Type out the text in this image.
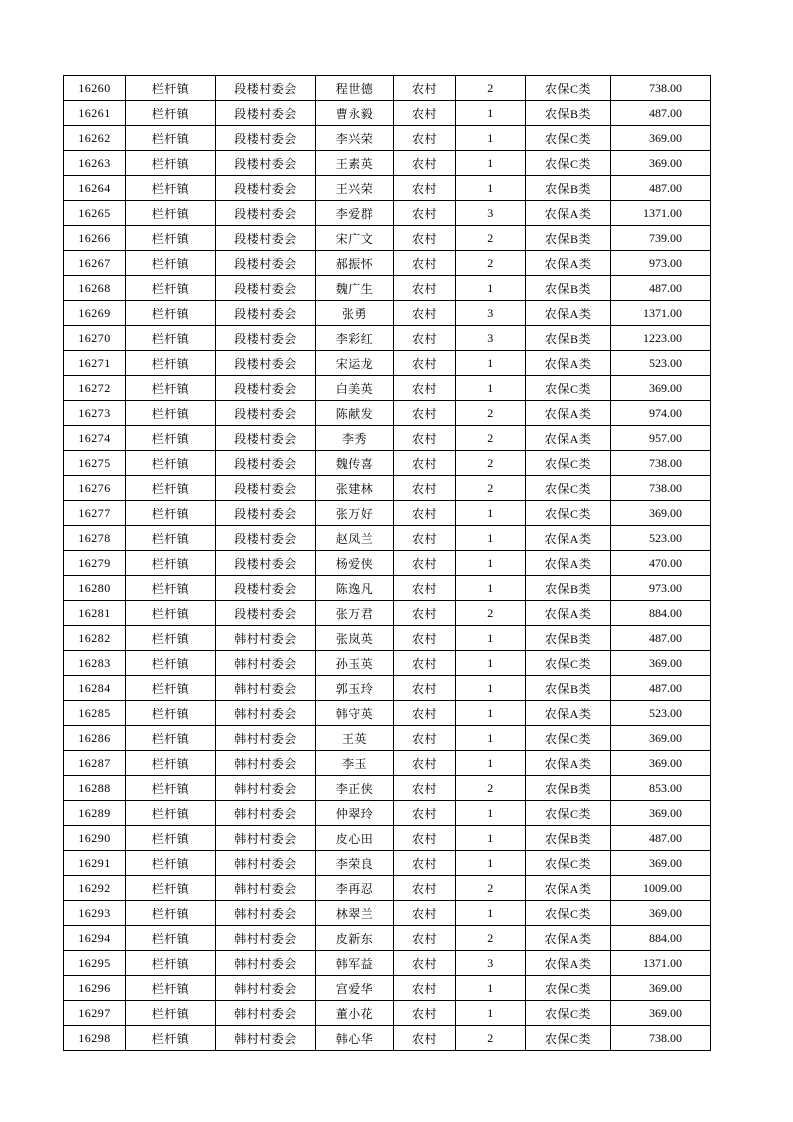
16260	栏杆镇	段楼村委会	程世德	农村	2	农保C类	738.00
16261	栏杆镇	段楼村委会	曹永毅	农村	1	农保B类	487.00
16262	栏杆镇	段楼村委会	李兴荣	农村	1	农保C类	369.00
16263	栏杆镇	段楼村委会	王素英	农村	1	农保C类	369.00
16264	栏杆镇	段楼村委会	王兴荣	农村	1	农保B类	487.00
16265	栏杆镇	段楼村委会	李爱群	农村	3	农保A类	1371.00
16266	栏杆镇	段楼村委会	宋广文	农村	2	农保B类	739.00
16267	栏杆镇	段楼村委会	郝振怀	农村	2	农保A类	973.00
16268	栏杆镇	段楼村委会	魏广生	农村	1	农保B类	487.00
16269	栏杆镇	段楼村委会	张勇	农村	3	农保A类	1371.00
16270	栏杆镇	段楼村委会	李彩红	农村	3	农保B类	1223.00
16271	栏杆镇	段楼村委会	宋运龙	农村	1	农保A类	523.00
16272	栏杆镇	段楼村委会	白美英	农村	1	农保C类	369.00
16273	栏杆镇	段楼村委会	陈献发	农村	2	农保A类	974.00
16274	栏杆镇	段楼村委会	李秀	农村	2	农保A类	957.00
16275	栏杆镇	段楼村委会	魏传喜	农村	2	农保C类	738.00
16276	栏杆镇	段楼村委会	张建林	农村	2	农保C类	738.00
16277	栏杆镇	段楼村委会	张万好	农村	1	农保C类	369.00
16278	栏杆镇	段楼村委会	赵凤兰	农村	1	农保A类	523.00
16279	栏杆镇	段楼村委会	杨爱侠	农村	1	农保A类	470.00
16280	栏杆镇	段楼村委会	陈逸凡	农村	1	农保B类	973.00
16281	栏杆镇	段楼村委会	张万君	农村	2	农保A类	884.00
16282	栏杆镇	韩村村委会	张岚英	农村	1	农保B类	487.00
16283	栏杆镇	韩村村委会	孙玉英	农村	1	农保C类	369.00
16284	栏杆镇	韩村村委会	郭玉玲	农村	1	农保B类	487.00
16285	栏杆镇	韩村村委会	韩守英	农村	1	农保A类	523.00
16286	栏杆镇	韩村村委会	王英	农村	1	农保C类	369.00
16287	栏杆镇	韩村村委会	李玉	农村	1	农保A类	369.00
16288	栏杆镇	韩村村委会	李正侠	农村	2	农保B类	853.00
16289	栏杆镇	韩村村委会	仲翠玲	农村	1	农保C类	369.00
16290	栏杆镇	韩村村委会	皮心田	农村	1	农保B类	487.00
16291	栏杆镇	韩村村委会	李荣良	农村	1	农保C类	369.00
16292	栏杆镇	韩村村委会	李再忍	农村	2	农保A类	1009.00
16293	栏杆镇	韩村村委会	林翠兰	农村	1	农保C类	369.00
16294	栏杆镇	韩村村委会	皮新东	农村	2	农保A类	884.00
16295	栏杆镇	韩村村委会	韩军益	农村	3	农保A类	1371.00
16296	栏杆镇	韩村村委会	宫爱华	农村	1	农保C类	369.00
16297	栏杆镇	韩村村委会	董小花	农村	1	农保C类	369.00
16298	栏杆镇	韩村村委会	韩心华	农村	2	农保C类	738.00
